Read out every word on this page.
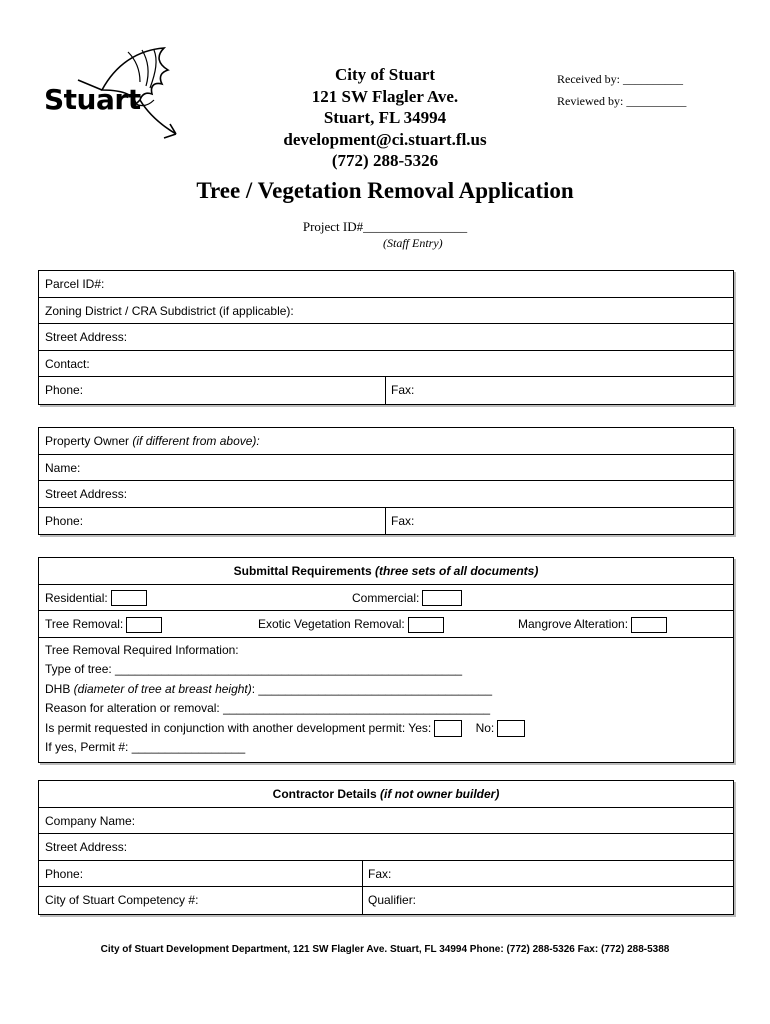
Stuart
City of Stuart
121 SW Flagler Ave.
Stuart, FL 34994
development@ci.stuart.fl.us
(772) 288-5326
Received by: __________
Reviewed by: __________
Tree / Vegetation Removal Application
Project ID#________________
(Staff Entry)
Parcel ID#:
Zoning District / CRA Subdistrict (if applicable):
Street Address:
Contact:
Phone:	Fax:
Property Owner (if different from above):
Name:
Street Address:
Phone:	Fax:
Submittal Requirements (three sets of all documents)
Residential:	Commercial:
Tree Removal:	Exotic Vegetation Removal:	Mangrove Alteration:
Tree Removal Required Information:
Type of tree: ____________________________________________________
DHB (diameter of tree at breast height): ___________________________________
Reason for alteration or removal: ________________________________________
Is permit requested in conjunction with another development permit: Yes:	No:
If yes, Permit #: _________________
Contractor Details (if not owner builder)
Company Name:
Street Address:
Phone:	Fax:
City of Stuart Competency #:	Qualifier:
City of Stuart Development Department, 121 SW Flagler Ave. Stuart, FL 34994 Phone: (772) 288-5326 Fax: (772) 288-5388
